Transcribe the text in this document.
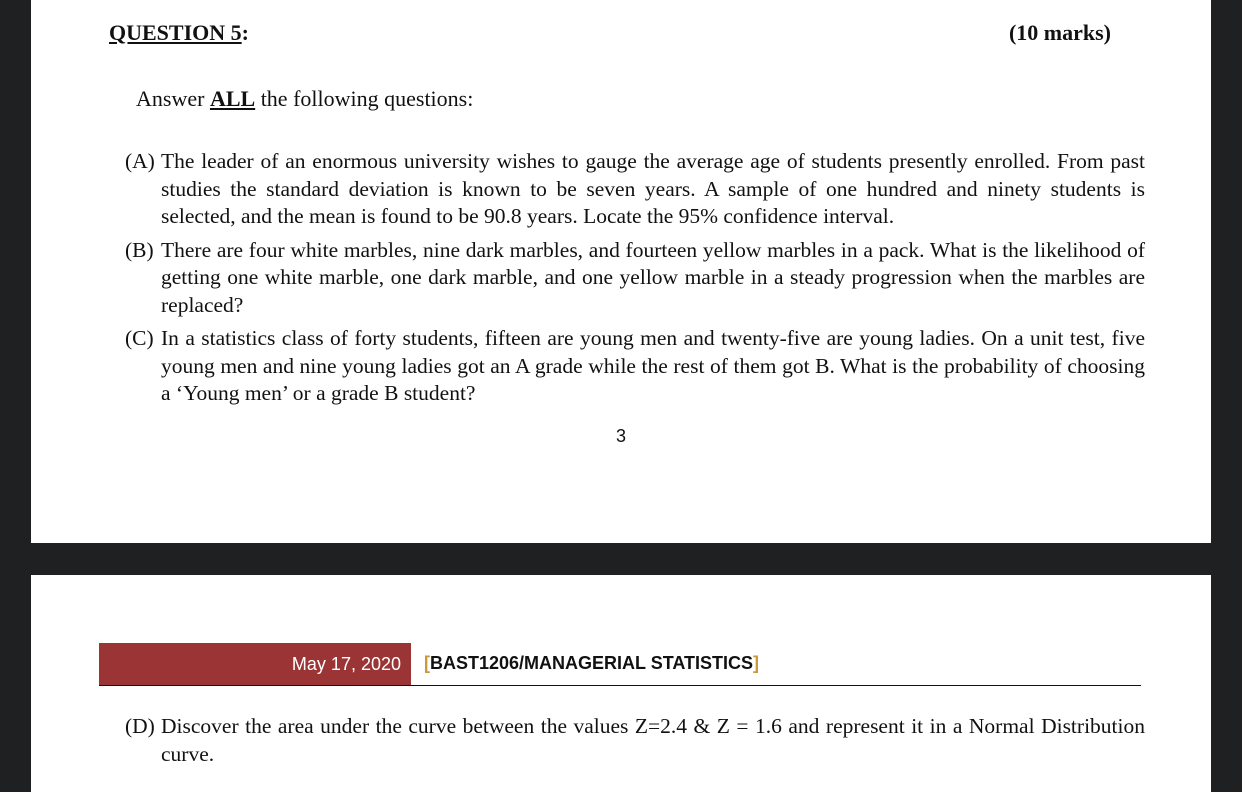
QUESTION 5:	(10 marks)
Answer ALL the following questions:
(A) The leader of an enormous university wishes to gauge the average age of students presently enrolled. From past studies the standard deviation is known to be seven years. A sample of one hundred and ninety students is selected, and the mean is found to be 90.8 years. Locate the 95% confidence interval.
(B) There are four white marbles, nine dark marbles, and fourteen yellow marbles in a pack. What is the likelihood of getting one white marble, one dark marble, and one yellow marble in a steady progression when the marbles are replaced?
(C) In a statistics class of forty students, fifteen are young men and twenty-five are young ladies. On a unit test, five young men and nine young ladies got an A grade while the rest of them got B. What is the probability of choosing a ‘Young men’ or a grade B student?
3
May 17, 2020 [BAST1206/MANAGERIAL STATISTICS]
(D) Discover the area under the curve between the values Z=2.4 & Z = 1.6 and represent it in a Normal Distribution curve.
